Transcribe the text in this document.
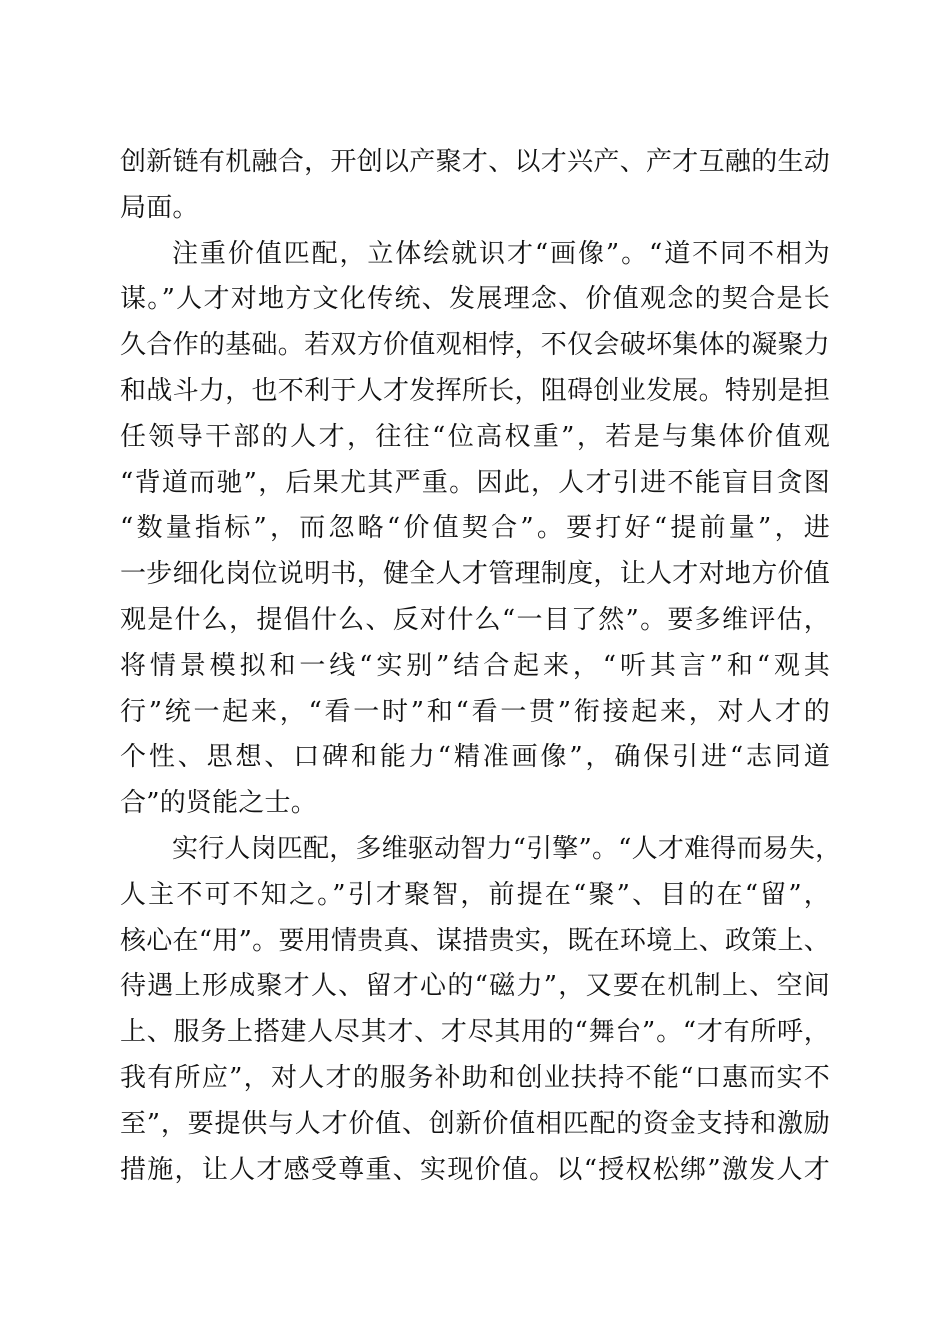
创新链有机融合，开创以产聚才、以才兴产、产才互融的生动
局面。
注重价值匹配，立体绘就识才“画像”。“道不同不相为
谋。”人才对地方文化传统、发展理念、价值观念的契合是长
久合作的基础。若双方价值观相悖，不仅会破坏集体的凝聚力
和战斗力，也不利于人才发挥所长，阻碍创业发展。特别是担
任领导干部的人才，往往“位高权重”，若是与集体价值观
“背道而驰”，后果尤其严重。因此，人才引进不能盲目贪图
“数量指标”，而忽略“价值契合”。要打好“提前量”，进
一步细化岗位说明书，健全人才管理制度，让人才对地方价值
观是什么，提倡什么、反对什么“一目了然”。要多维评估，
将情景模拟和一线“实别”结合起来，“听其言”和“观其
行”统一起来，“看一时”和“看一贯”衔接起来，对人才的
个性、思想、口碑和能力“精准画像”，确保引进“志同道
合”的贤能之士。
实行人岗匹配，多维驱动智力“引擎”。“人才难得而易失，
人主不可不知之。”引才聚智，前提在“聚”、目的在“留”，
核心在“用”。要用情贵真、谋措贵实，既在环境上、政策上、
待遇上形成聚才人、留才心的“磁力”，又要在机制上、空间
上、服务上搭建人尽其才、才尽其用的“舞台”。“才有所呼，
我有所应”，对人才的服务补助和创业扶持不能“口惠而实不
至”，要提供与人才价值、创新价值相匹配的资金支持和激励
措施，让人才感受尊重、实现价值。以“授权松绑”激发人才
